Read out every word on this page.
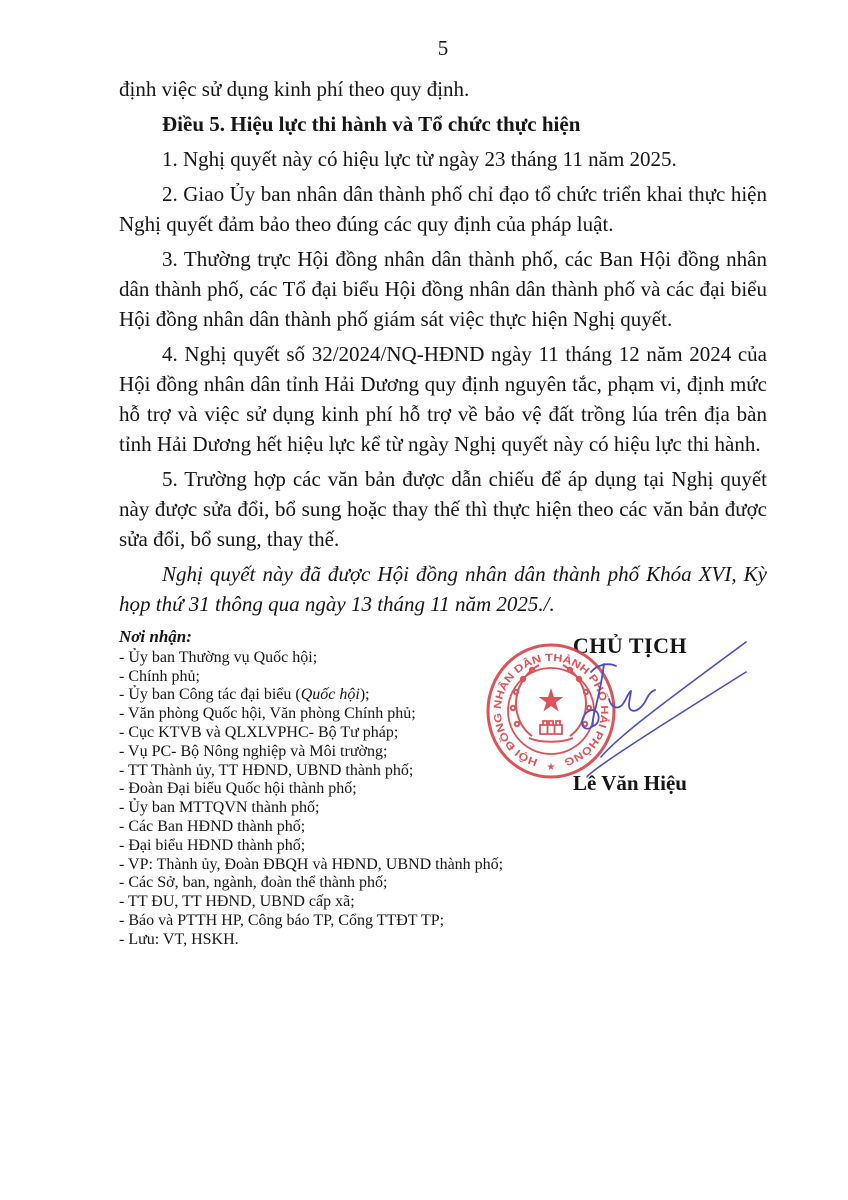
5

định việc sử dụng kinh phí theo quy định.

Điều 5. Hiệu lực thi hành và Tổ chức thực hiện

1. Nghị quyết này có hiệu lực từ ngày 23 tháng 11 năm 2025.

2. Giao Ủy ban nhân dân thành phố chỉ đạo tổ chức triển khai thực hiện Nghị quyết đảm bảo theo đúng các quy định của pháp luật.

3. Thường trực Hội đồng nhân dân thành phố, các Ban Hội đồng nhân dân thành phố, các Tổ đại biểu Hội đồng nhân dân thành phố và các đại biểu Hội đồng nhân dân thành phố giám sát việc thực hiện Nghị quyết.

4. Nghị quyết số 32/2024/NQ-HĐND ngày 11 tháng 12 năm 2024 của Hội đồng nhân dân tỉnh Hải Dương quy định nguyên tắc, phạm vi, định mức hỗ trợ và việc sử dụng kinh phí hỗ trợ về bảo vệ đất trồng lúa trên địa bàn tỉnh Hải Dương hết hiệu lực kể từ ngày Nghị quyết này có hiệu lực thi hành.

5. Trường hợp các văn bản được dẫn chiếu để áp dụng tại Nghị quyết này được sửa đổi, bổ sung hoặc thay thế thì thực hiện theo các văn bản được sửa đổi, bổ sung, thay thế.

Nghị quyết này đã được Hội đồng nhân dân thành phố Khóa XVI, Kỳ họp thứ 31 thông qua ngày 13 tháng 11 năm 2025./.

Nơi nhận:
- Ủy ban Thường vụ Quốc hội;
- Chính phủ;
- Ủy ban Công tác đại biểu (Quốc hội);
- Văn phòng Quốc hội, Văn phòng Chính phủ;
- Cục KTVB và QLXLVPHC- Bộ Tư pháp;
- Vụ PC- Bộ Nông nghiệp và Môi trường;
- TT Thành ủy, TT HĐND, UBND thành phố;
- Đoàn Đại biểu Quốc hội thành phố;
- Ủy ban MTTQVN thành phố;
- Các Ban HĐND thành phố;
- Đại biểu HĐND thành phố;
- VP: Thành ủy, Đoàn ĐBQH và HĐND, UBND thành phố;
- Các Sở, ban, ngành, đoàn thể thành phố;
- TT ĐU, TT HĐND, UBND cấp xã;
- Báo và PTTH HP, Công báo TP, Cổng TTĐT TP;
- Lưu: VT, HSKH.
CHỦ TỊCH
Lê Văn Hiệu
HỘI ĐỒNG NHÂN DÂN THÀNH PHỐ HẢI PHÒNG
★
